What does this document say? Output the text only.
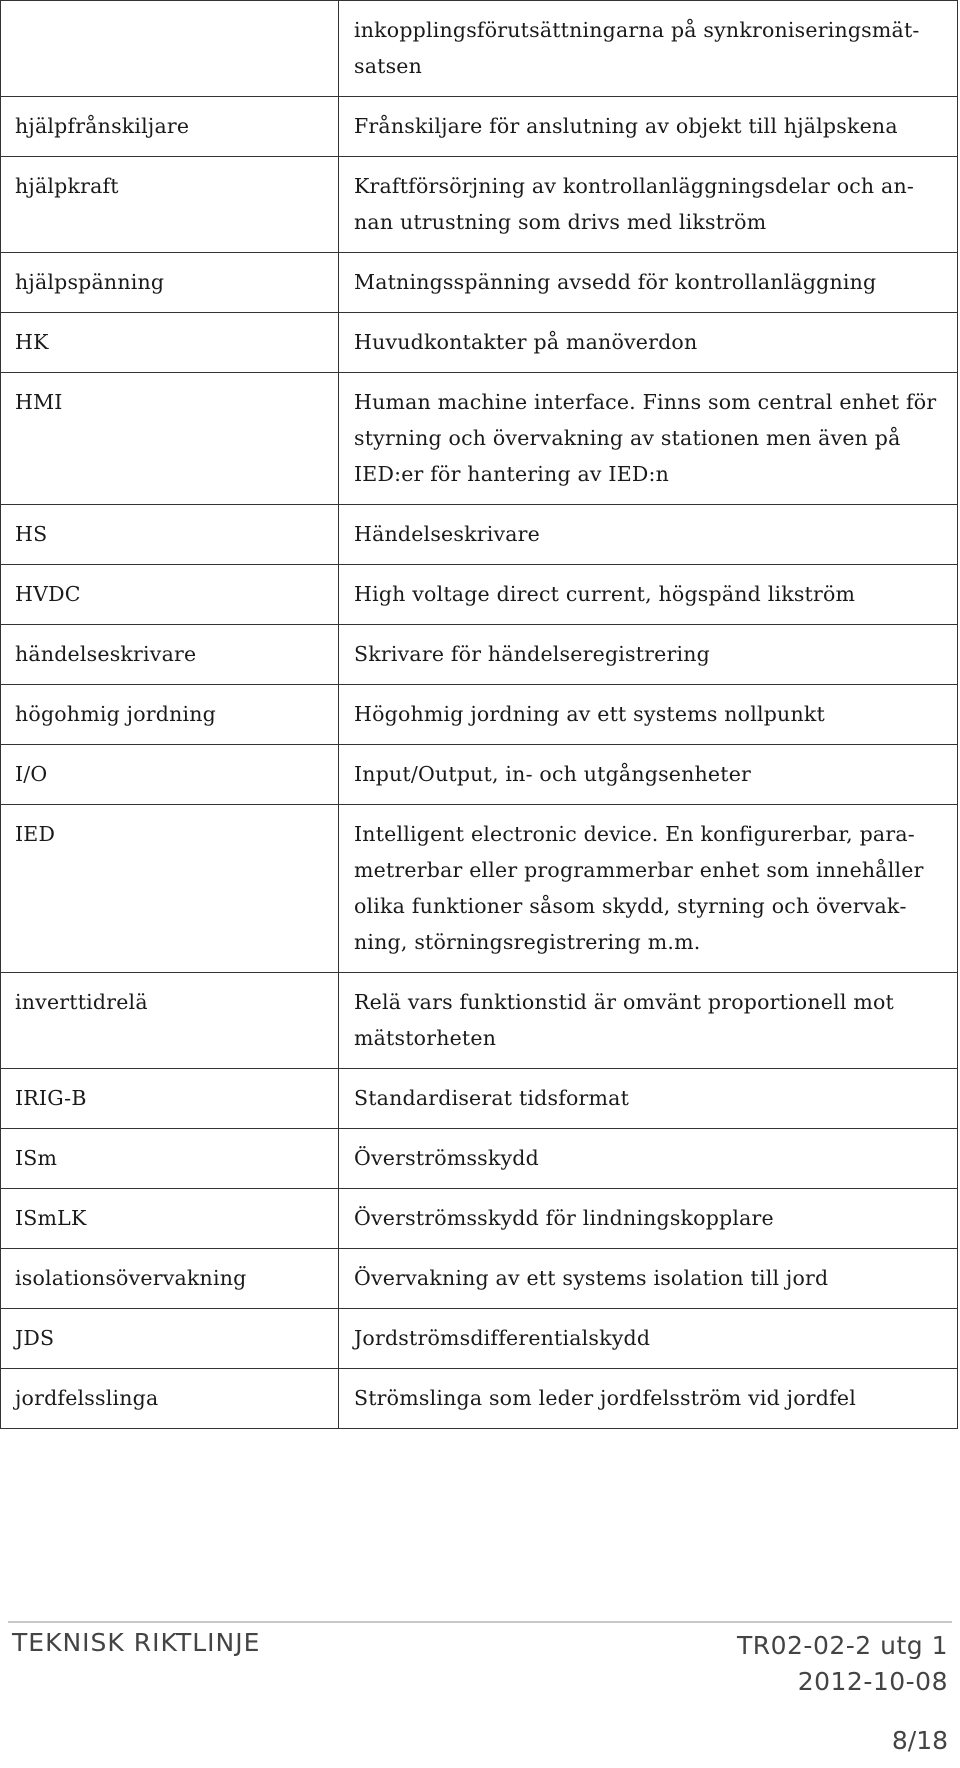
	inkopplingsförutsättningarna på synkroniseringsmätsatsen
hjälpfrånskiljare	Frånskiljare för anslutning av objekt till hjälpskena
hjälpkraft	Kraftförsörjning av kontrollanläggningsdelar och annan utrustning som drivs med likström
hjälpspänning	Matningsspänning avsedd för kontrollanläggning
HK	Huvudkontakter på manöverdon
HMI	Human machine interface. Finns som central enhet för styrning och övervakning av stationen men även på IED:er för hantering av IED:n
HS	Händelseskrivare
HVDC	High voltage direct current, högspänd likström
händelseskrivare	Skrivare för händelseregistrering
högohmig jordning	Högohmig jordning av ett systems nollpunkt
I/O	Input/Output, in- och utgångsenheter
IED	Intelligent electronic device. En konfigurerbar, parametrerbar eller programmerbar enhet som innehåller olika funktioner såsom skydd, styrning och övervakning, störningsregistrering m.m.
inverttidrelä	Relä vars funktionstid är omvänt proportionell mot mätstorheten
IRIG-B	Standardiserat tidsformat
ISm	Överströmsskydd
ISmLK	Överströmsskydd för lindningskopplare
isolationsövervakning	Övervakning av ett systems isolation till jord
JDS	Jordströmsdifferentialskydd
jordfelsslinga	Strömslinga som leder jordfelsström vid jordfel
TEKNISK RIKTLINJE	TR02-02-2 utg 1
2012-10-08
8/18
